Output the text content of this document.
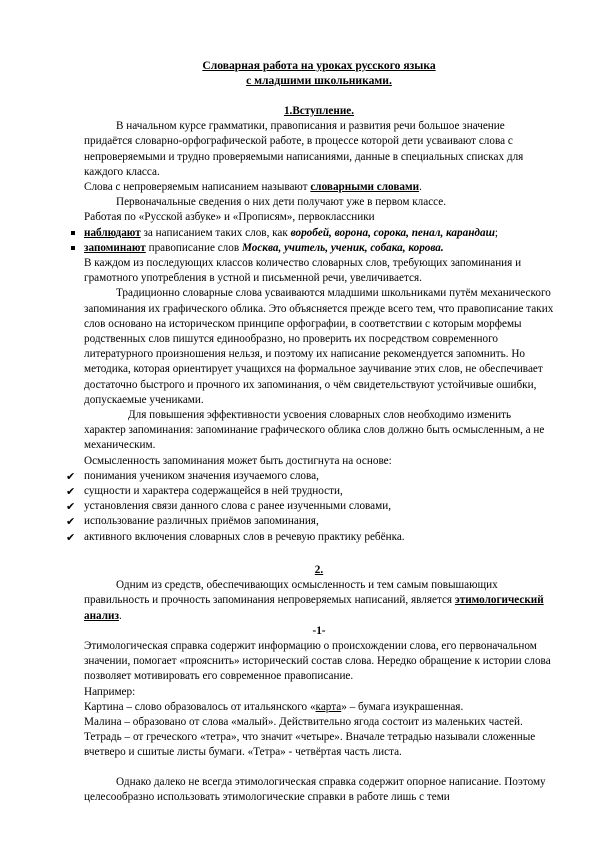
Словарная работа на уроках русского языка
с младшими школьниками.
1.Вступление.

В начальном курсе грамматики, правописания и развития речи большое значение придаётся словарно-орфографической работе, в процессе которой дети усваивают слова с непроверяемыми и трудно проверяемыми написаниями, данные в специальных списках для каждого класса.

Слова с непроверяемым написанием называют словарными словами.

Первоначальные сведения о них дети получают уже в первом классе.

Работая по «Русской азбуке» и «Прописям», первоклассники

наблюдают за написанием таких слов, как воробей, ворона, сорока, пенал, карандаш;
запоминают правописание слов Москва, учитель, ученик, собака, корова.

В каждом из последующих классов количество словарных слов, требующих запоминания и грамотного употребления в устной и письменной речи, увеличивается.

Традиционно словарные слова усваиваются младшими школьниками путём механического запоминания их графического облика. Это объясняется прежде всего тем, что правописание таких слов основано на историческом принципе орфографии, в соответствии с которым морфемы родственных слов пишутся единообразно, но проверить их посредством современного литературного произношения нельзя, и поэтому их написание рекомендуется запомнить. Но методика, которая ориентирует учащихся на формальное заучивание этих слов, не обеспечивает достаточно быстрого и прочного их запоминания, о чём свидетельствуют устойчивые ошибки, допускаемые учениками.

Для повышения эффективности усвоения словарных слов необходимо изменить характер запоминания: запоминание графического облика слов должно быть осмысленным, а не механическим.

Осмысленность запоминания может быть достигнута на основе:

✔ понимания учеником значения изучаемого слова,
✔ сущности и характера содержащейся в ней трудности,
✔ установления связи данного слова с ранее изученными словами,
✔ использование различных приёмов запоминания,
✔ активного включения словарных слов в речевую практику ребёнка.
2.

Одним из средств, обеспечивающих осмысленность и тем самым повышающих правильность и прочность запоминания непроверяемых написаний, является этимологический анализ.

-1-

Этимологическая справка содержит информацию о происхождении слова, его первоначальном значении, помогает «прояснить» исторический состав слова. Нередко обращение к истории слова позволяет мотивировать его современное правописание.

Например:

Картина – слово образовалось от итальянского «карта» – бумага изукрашенная.

Малина – образовано от слова «малый». Действительно ягода состоит из маленьких частей.

Тетрадь – от греческого «тетра», что значит «четыре». Вначале тетрадью называли сложенные вчетверо и сшитые листы бумаги. «Тетра» - четвёртая часть листа.

Однако далеко не всегда этимологическая справка содержит опорное написание. Поэтому целесообразно использовать этимологические справки в работе лишь с теми
